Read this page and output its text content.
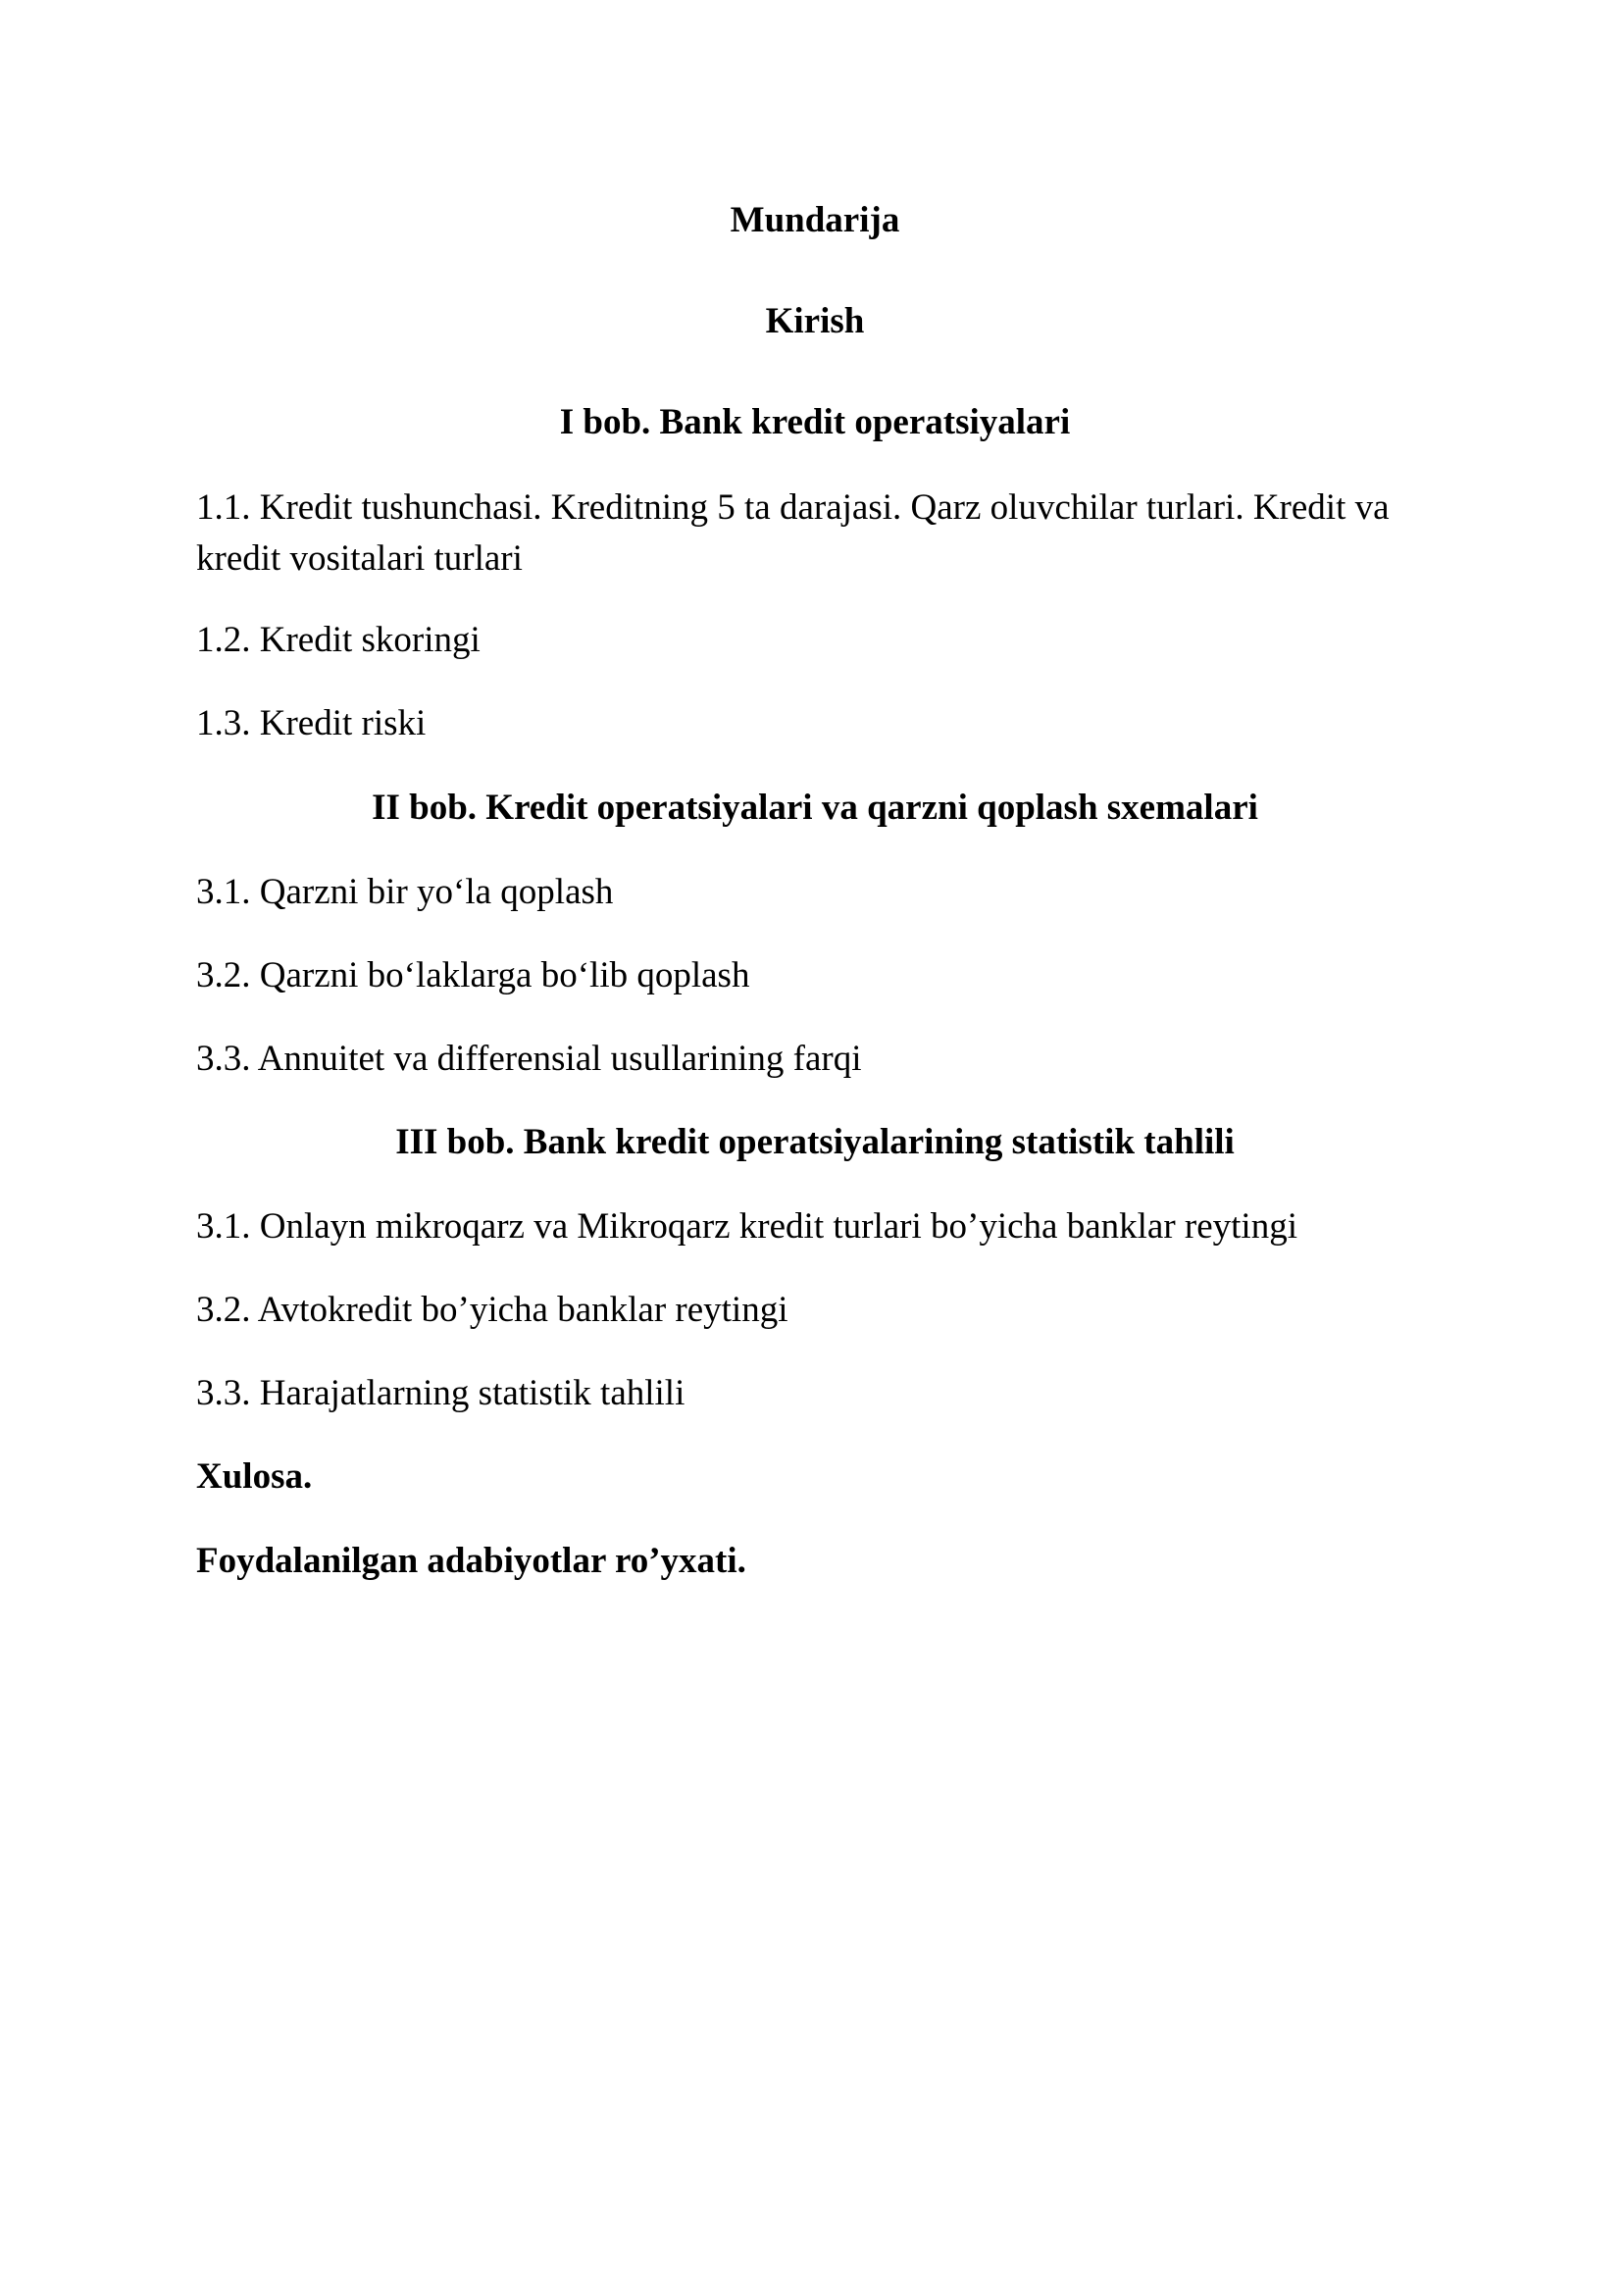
Mundarija
Kirish
I bob. Bank kredit operatsiyalari
1.1. Kredit tushunchasi. Kreditning 5 ta darajasi. Qarz oluvchilar turlari. Kredit va kredit vositalari turlari
1.2. Kredit skoringi
1.3. Kredit riski
II bob. Kredit operatsiyalari va qarzni qoplash sxemalari
3.1. Qarzni bir yo‘la qoplash
3.2. Qarzni bo‘laklarga bo‘lib qoplash
3.3. Annuitet va differensial usullarining farqi
III bob. Bank kredit operatsiyalarining statistik tahlili
3.1. Onlayn mikroqarz va Mikroqarz kredit turlari bo’yicha banklar reytingi
3.2. Avtokredit bo’yicha banklar reytingi
3.3. Harajatlarning statistik tahlili
Xulosa.
Foydalanilgan adabiyotlar ro’yxati.
